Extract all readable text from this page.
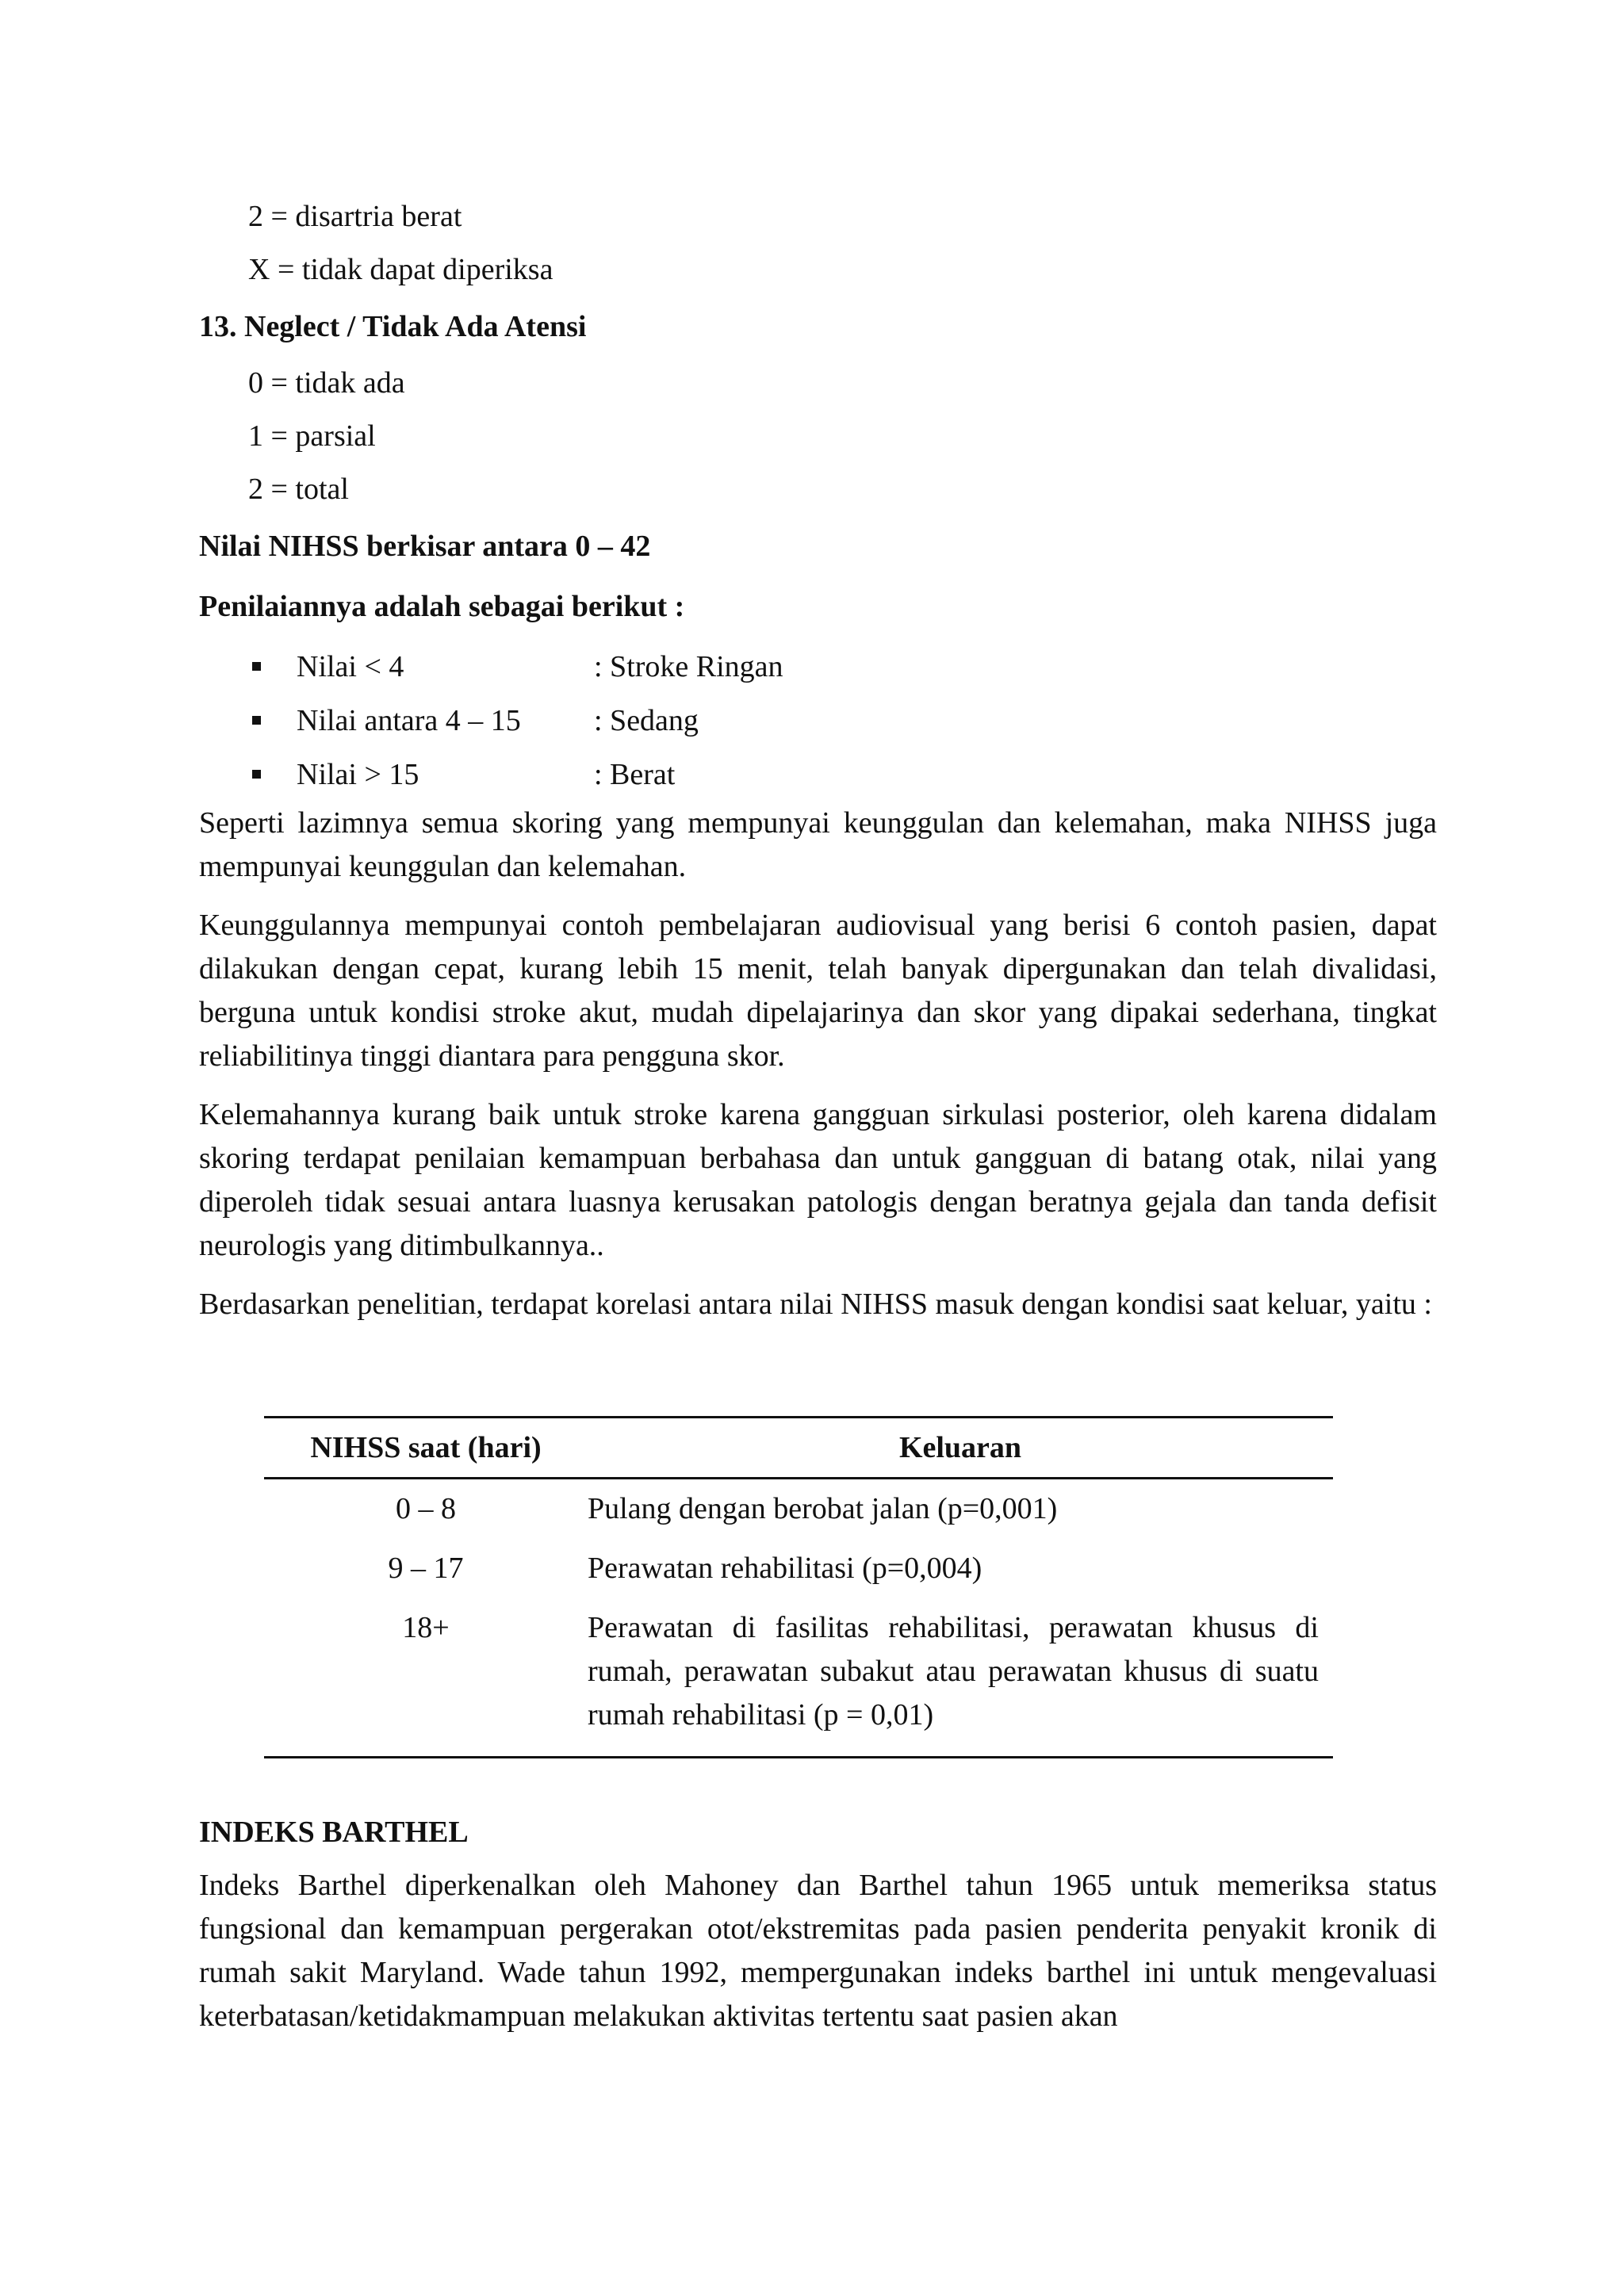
2 = disartria berat
X = tidak dapat diperiksa
13. Neglect / Tidak Ada Atensi
0 = tidak ada
1 = parsial
2 = total
Nilai NIHSS berkisar antara 0 – 42
Penilaiannya adalah sebagai berikut :
Nilai < 4	: Stroke Ringan
Nilai antara 4 – 15 : Sedang
Nilai > 15	: Berat

Seperti lazimnya semua skoring yang mempunyai keunggulan dan kelemahan, maka NIHSS juga mempunyai keunggulan dan kelemahan.

Keunggulannya mempunyai contoh pembelajaran audiovisual yang berisi 6 contoh pasien, dapat dilakukan dengan cepat, kurang lebih 15 menit, telah banyak dipergunakan dan telah divalidasi, berguna untuk kondisi stroke akut, mudah dipelajarinya dan skor yang dipakai sederhana, tingkat reliabilitinya tinggi diantara para pengguna skor.

Kelemahannya kurang baik untuk stroke karena gangguan sirkulasi posterior, oleh karena didalam skoring terdapat penilaian kemampuan berbahasa dan untuk gangguan di batang otak, nilai yang diperoleh tidak sesuai antara luasnya kerusakan patologis dengan beratnya gejala dan tanda defisit neurologis yang ditimbulkannya..

Berdasarkan penelitian, terdapat korelasi antara nilai NIHSS masuk dengan kondisi saat keluar, yaitu :

NIHSS saat (hari)	Keluaran
0 – 8	Pulang dengan berobat jalan (p=0,001)
9 – 17	Perawatan rehabilitasi (p=0,004)
18+	Perawatan di fasilitas rehabilitasi, perawatan khusus di rumah, perawatan subakut atau perawatan khusus di suatu rumah rehabilitasi (p = 0,01)
INDEKS BARTHEL

Indeks Barthel diperkenalkan oleh Mahoney dan Barthel tahun 1965 untuk memeriksa status fungsional dan kemampuan pergerakan otot/ekstremitas pada pasien penderita penyakit kronik di rumah sakit Maryland. Wade tahun 1992, mempergunakan indeks barthel ini untuk mengevaluasi keterbatasan/ketidakmampuan melakukan aktivitas tertentu saat pasien akan
